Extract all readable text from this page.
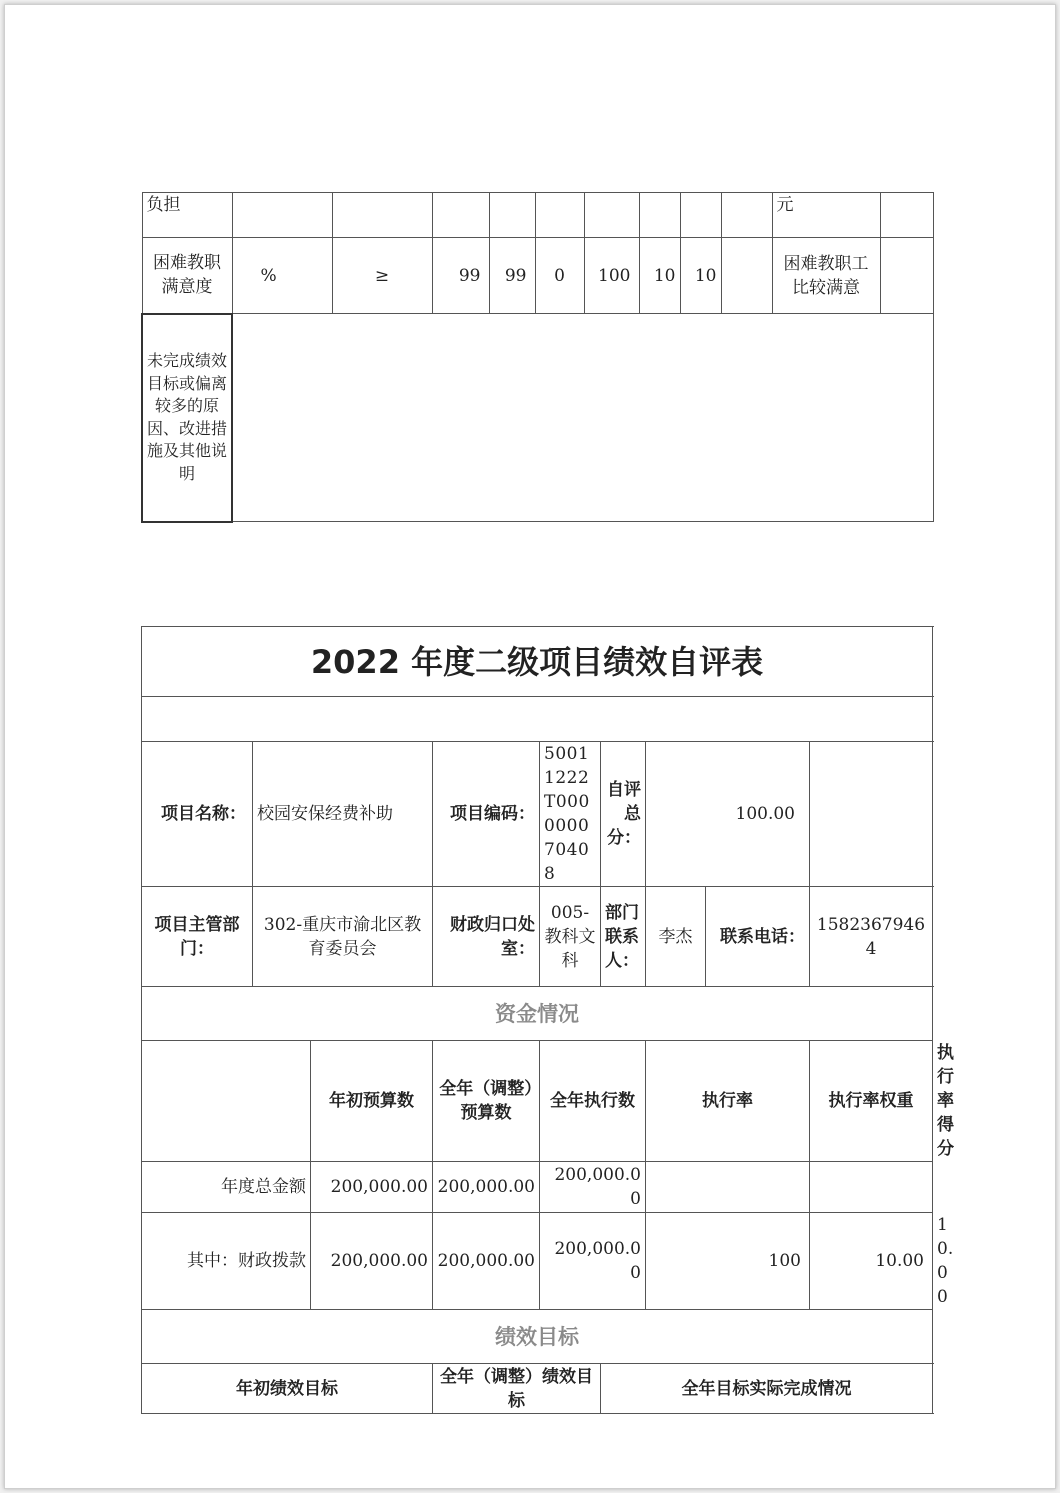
负担										元	
困难教职满意度	%	≥	99	99	0	100	10	10		困难教职工比较满意	
未完成绩效目标或偏离较多的原因、改进措施及其他说明											
2022 年度二级项目绩效自评表									

项目名称：	校园安保经费补助		项目编码：	50011222T000000070408	自评总分：	100.00			
项目主管部门：	302-重庆市渝北区教育委员会		财政归口处室：	005-教科文科	部门联系人：	李杰	联系电话：	15823679464	
资金情况									
		年初预算数	全年（调整）预算数	全年执行数		执行率		执行率权重	执行率得分
年度总金额		200,000.00	200,000.00	200,000.00					
其中：财政拨款		200,000.00	200,000.00	200,000.00		100		10.00	10.00
绩效目标									
年初绩效目标			全年（调整）绩效目标		全年目标实际完成情况				
